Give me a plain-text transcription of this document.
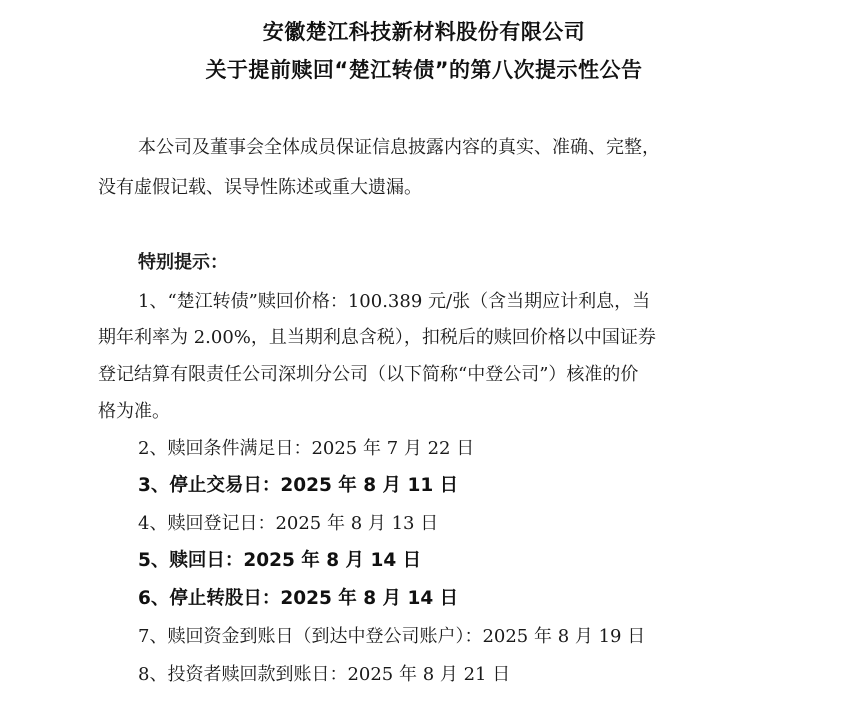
安徽楚江科技新材料股份有限公司
关于提前赎回“楚江转债”的第八次提示性公告
本公司及董事会全体成员保证信息披露内容的真实、准确、完整，
没有虚假记载、误导性陈述或重大遗漏。
特别提示：
1、“楚江转债”赎回价格：100.389 元/张（含当期应计利息，当
期年利率为 2.00%，且当期利息含税），扣税后的赎回价格以中国证券
登记结算有限责任公司深圳分公司（以下简称“中登公司”）核准的价
格为准。
2、赎回条件满足日：2025 年 7 月 22 日
3、停止交易日：2025 年 8 月 11 日
4、赎回登记日：2025 年 8 月 13 日
5、赎回日：2025 年 8 月 14 日
6、停止转股日：2025 年 8 月 14 日
7、赎回资金到账日（到达中登公司账户）：2025 年 8 月 19 日
8、投资者赎回款到账日：2025 年 8 月 21 日
